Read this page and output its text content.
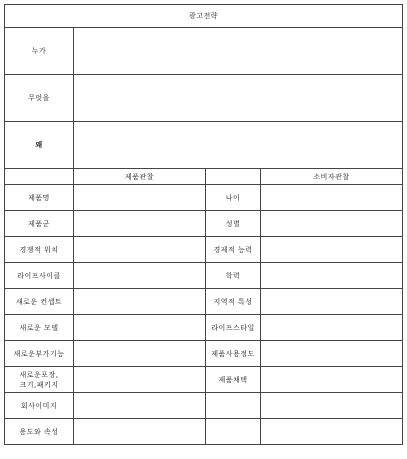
광고전략			
누가			
무엇을			
왜			
	제품관찰		소비자관찰
제품명		나이	
제품군		성별	
경쟁적 위치		경제적 능력	
라이프사이클		학력	
새로운 컨셉트		지역적 특성	
새로운 모델		라이프스타일	
새로운부가기능		제품사용정도	
새로운포장,
크기,패키지		제품채택	
회사이미지			
용도와 속성			
